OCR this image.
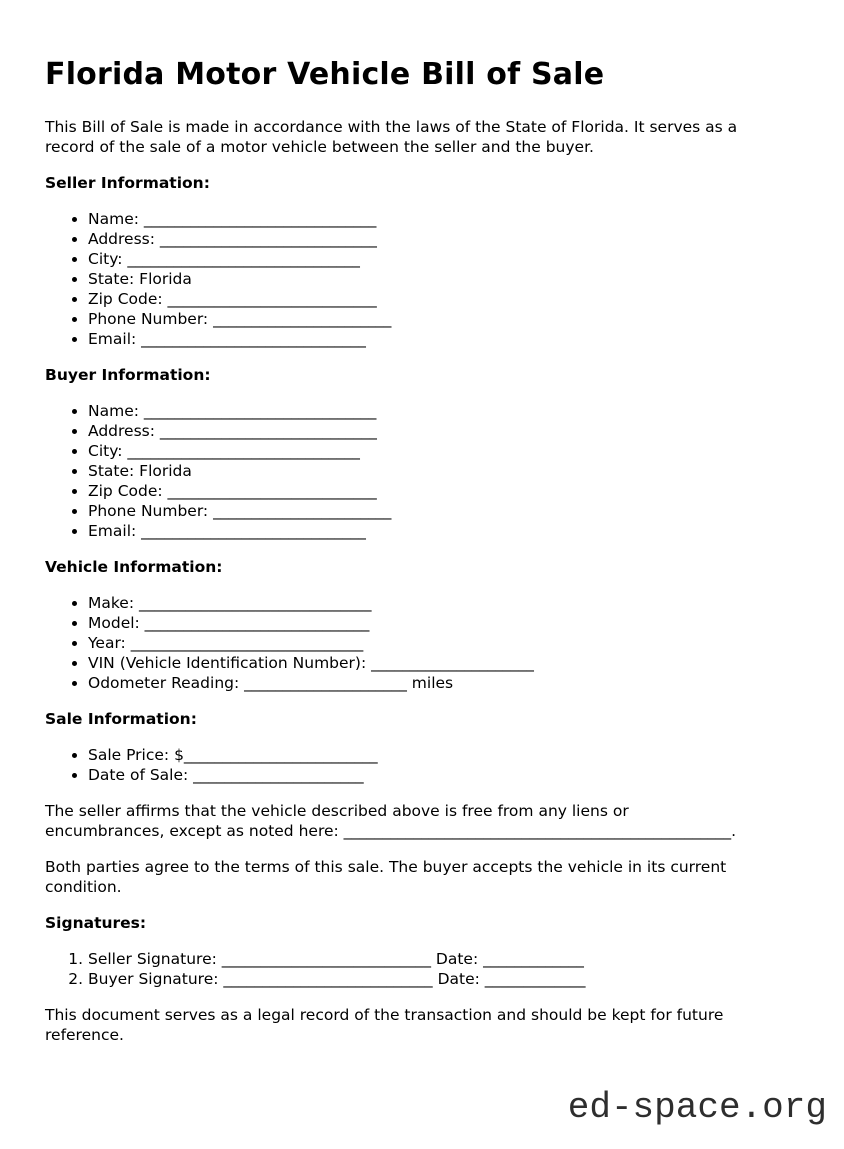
Florida Motor Vehicle Bill of Sale

This Bill of Sale is made in accordance with the laws of the State of Florida. It serves as a
record of the sale of a motor vehicle between the seller and the buyer.

Seller Information:
• Name: ______________________________
• Address: ____________________________
• City: ______________________________
• State: Florida
• Zip Code: ___________________________
• Phone Number: _______________________
• Email: _____________________________
Buyer Information:
• Name: ______________________________
• Address: ____________________________
• City: ______________________________
• State: Florida
• Zip Code: ___________________________
• Phone Number: _______________________
• Email: _____________________________
Vehicle Information:
• Make: ______________________________
• Model: _____________________________
• Year: ______________________________
• VIN (Vehicle Identification Number): _____________________
• Odometer Reading: _____________________ miles
Sale Information:
• Sale Price: $_________________________
• Date of Sale: ______________________

The seller affirms that the vehicle described above is free from any liens or
encumbrances, except as noted here: __________________________________________________.

Both parties agree to the terms of this sale. The buyer accepts the vehicle in its current
condition.

Signatures:
1. Seller Signature: ___________________________ Date: _____________
2. Buyer Signature: ___________________________ Date: _____________

This document serves as a legal record of the transaction and should be kept for future
reference.

ed-space.org
